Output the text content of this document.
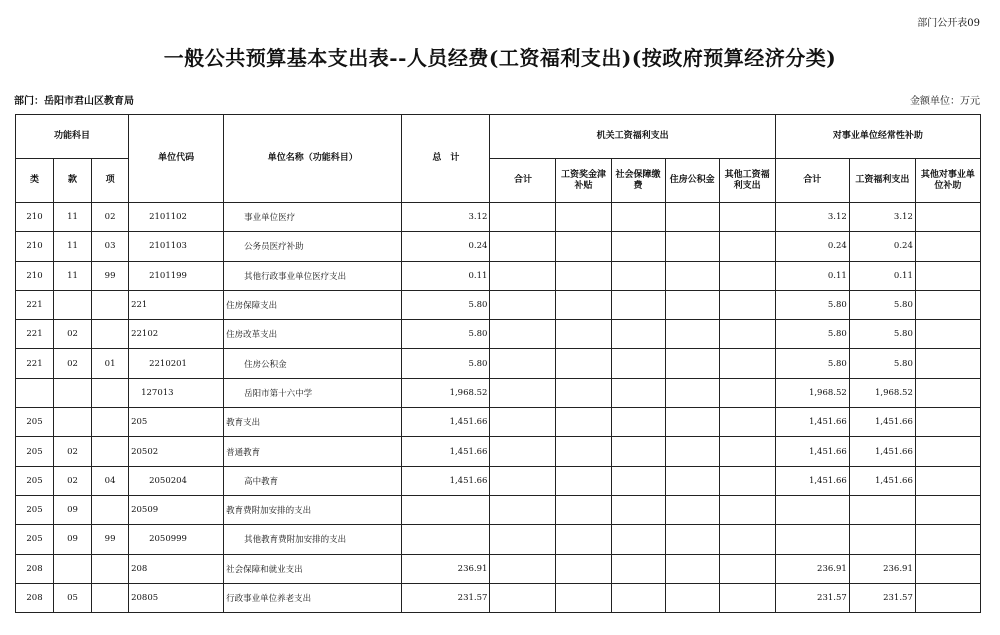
部门公开表09
一般公共预算基本支出表--人员经费(工资福利支出)(按政府预算经济分类)
部门：岳阳市君山区教育局	金额单位：万元
功能科目			单位代码	单位名称（功能科目）	总　计	机关工资福利支出					对事业单位经常性补助		
类	款	项				合计	工资奖金津补贴	社会保障缴费	住房公积金	其他工资福利支出	合计	工资福利支出	其他对事业单位补助
210	11	02	2101102	事业单位医疗	3.12						3.12	3.12	
210	11	03	2101103	公务员医疗补助	0.24						0.24	0.24	
210	11	99	2101199	其他行政事业单位医疗支出	0.11						0.11	0.11	
221			221	住房保障支出	5.80						5.80	5.80	
221	02		22102	住房改革支出	5.80						5.80	5.80	
221	02	01	2210201	住房公积金	5.80						5.80	5.80	
			127013	岳阳市第十六中学	1,968.52						1,968.52	1,968.52	
205			205	教育支出	1,451.66						1,451.66	1,451.66	
205	02		20502	普通教育	1,451.66						1,451.66	1,451.66	
205	02	04	2050204	高中教育	1,451.66						1,451.66	1,451.66	
205	09		20509	教育费附加安排的支出									
205	09	99	2050999	其他教育费附加安排的支出									
208			208	社会保障和就业支出	236.91						236.91	236.91	
208	05		20805	行政事业单位养老支出	231.57						231.57	231.57	
